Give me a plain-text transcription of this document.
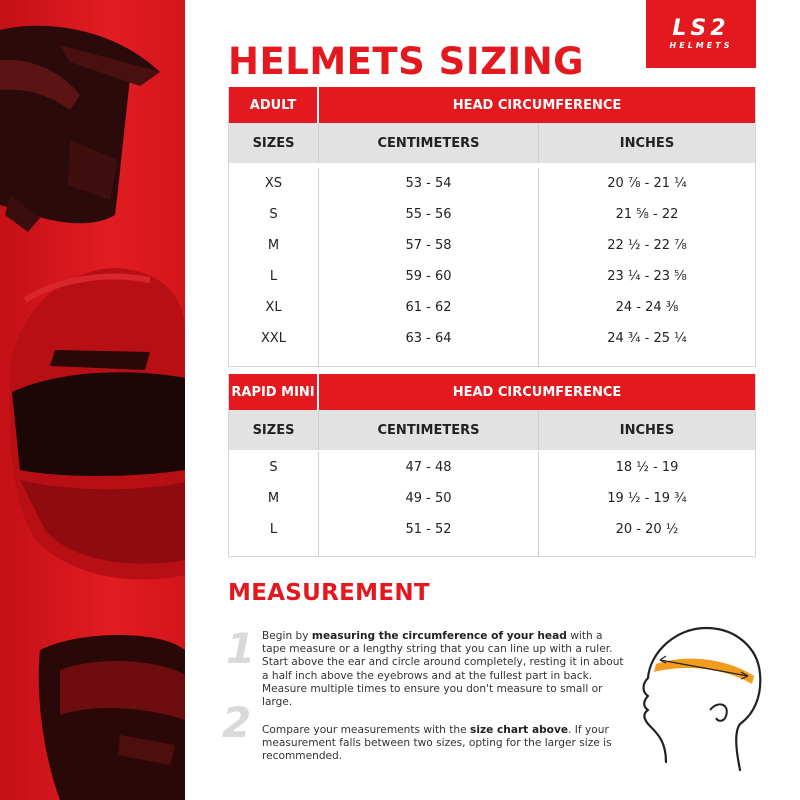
LS2
HELMETS
HELMETS SIZING
ADULT	HEAD CIRCUMFERENCE
SIZES	CENTIMETERS	INCHES
XS	53 - 54	20 ⅞ - 21 ¼
S	55 - 56	21 ⅝ - 22
M	57 - 58	22 ½ - 22 ⅞
L	59 - 60	23 ¼ - 23 ⅝
XL	61 - 62	24 - 24 ⅜
XXL	63 - 64	24 ¾ - 25 ¼
RAPID MINI	HEAD CIRCUMFERENCE
SIZES	CENTIMETERS	INCHES
S	47 - 48	18 ½ - 19
M	49 - 50	19 ½ - 19 ¾
L	51 - 52	20 - 20 ½
MEASUREMENT
1 Begin by measuring the circumference of your head with a tape measure or a lengthy string that you can line up with a ruler. Start above the ear and circle around completely, resting it in about a half inch above the eyebrows and at the fullest part in back. Measure multiple times to ensure you don't measure to small or large.
2 Compare your measurements with the size chart above. If your measurement falls between two sizes, opting for the larger size is recommended.
